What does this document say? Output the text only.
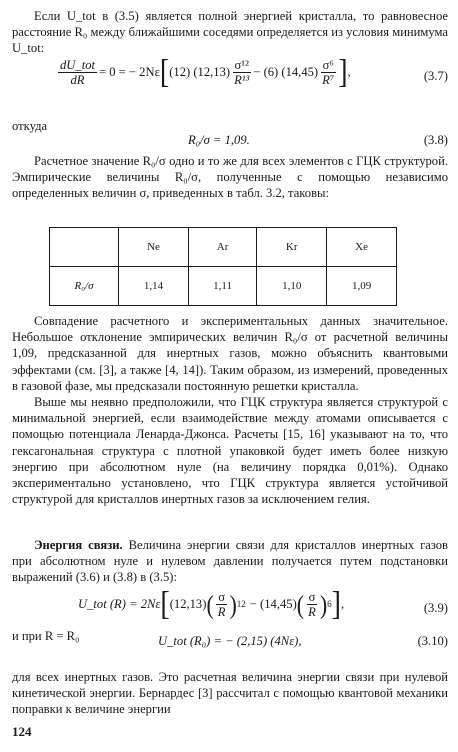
Если U_tot в (3.5) является полной энергией кристалла, то равновесное расстояние R₀ между ближайшими соседями определяется из условия минимума U_tot:

$\frac{\text{dU\_tot}}{dR} = 0$ = − 2Nε [ (12) $(12,13) \frac{\text{σ¹²}}{\text{R¹³}} - (6)$ $(14,45) \frac{\text{σ⁶}}{\text{R⁷}}$ ] ,	(3.7)

откуда

R₀/σ = 1,09.	(3.8)

Расчетное значение R₀/σ одно и то же для всех элементов с ГЦК структурой. Эмпирические величины R₀/σ, полученные с помощью независимо определенных величин σ, приведенных в табл. 3.2, таковы:

	Ne	Ar	Kr	Xe
R₀/σ	1,14	1,11	1,10	1,09

Совпадение расчетного и экспериментальных данных значительное. Небольшое отклонение эмпирических величин R₀/σ от расчетной величины 1,09, предсказанной для инертных газов, можно объяснить квантовыми эффектами (см. [3], а также [4, 14]). Таким образом, из измерений, проведенных в газовой фазе, мы предсказали постоянную решетки кристалла.

Выше мы неявно предположили, что ГЦК структура является структурой с минимальной энергией, если взаимодействие между атомами описывается с помощью потенциала Ленарда-Джонса. Расчеты [15, 16] указывают на то, что гексагональная структура с плотной упаковкой будет иметь более низкую энергию при абсолютном нуле (на величину порядка 0,01%). Однако экспериментально установлено, что ГЦК структура является устойчивой структурой для кристаллов инертных газов за исключением гелия.

Энергия связи. Величина энергии связи для кристаллов инертных газов при абсолютном нуле и нулевом давлении получается путем подстановки выражений (3.6) и (3.8) в (3.5):

U_tot (R) = 2Nε [ (12,13) ( $\frac{\sigma}{R}$ ) 12 − (14,45) ( $\frac{\sigma}{R}$ ) 6 ] ,	(3.9)

и при R = R₀	U_tot (R₀) = − (2,15) (4Nε),	(3.10)

для всех инертных газов. Это расчетная величина энергии связи при нулевой кинетической энергии. Бернардес [3] рассчитал с помощью квантовой механики поправки к величине энергии

124
